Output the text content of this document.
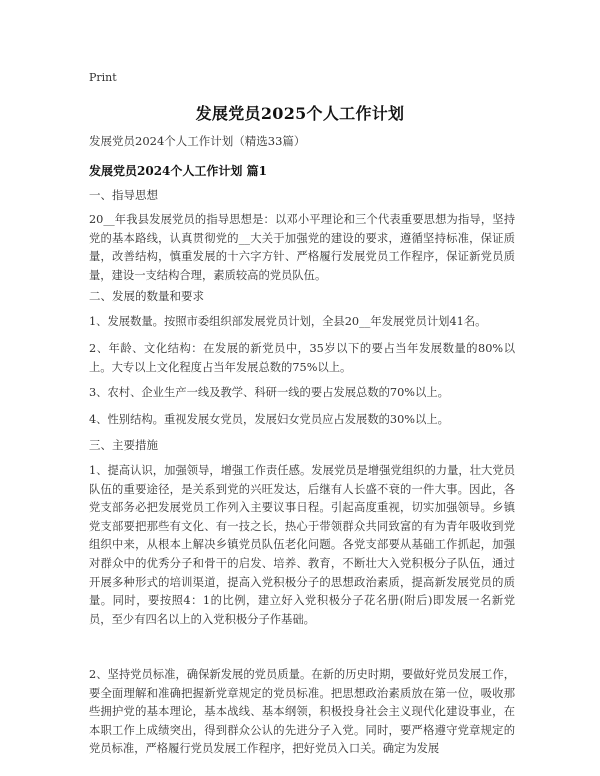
Print
发展党员2025个人工作计划
发展党员2024个人工作计划（精选33篇）
发展党员2024个人工作计划 篇1
一、指导思想

20__年我县发展党员的指导思想是：以邓小平理论和三个代表重要思想为指导，坚持党的基本路线，认真贯彻党的__大关于加强党的建设的要求，遵循坚持标准，保证质量，改善结构，慎重发展的十六字方针、严格履行发展党员工作程序，保证新党员质量，建设一支结构合理，素质较高的党员队伍。

二、发展的数量和要求

1、发展数量。按照市委组织部发展党员计划，全县20__年发展党员计划41名。

2、年龄、文化结构：在发展的新党员中，35岁以下的要占当年发展数量的80%以上。大专以上文化程度占当年发展总数的75%以上。

3、农村、企业生产一线及教学、科研一线的要占发展总数的70%以上。

4、性别结构。重视发展女党员，发展妇女党员应占发展数的30%以上。

三、主要措施

1、提高认识，加强领导，增强工作责任感。发展党员是增强党组织的力量，壮大党员队伍的重要途径，是关系到党的兴旺发达，后继有人长盛不衰的一件大事。因此，各党支部务必把发展党员工作列入主要议事日程。引起高度重视，切实加强领导。乡镇党支部要把那些有文化、有一技之长，热心于带领群众共同致富的有为青年吸收到党组织中来，从根本上解决乡镇党员队伍老化问题。各党支部要从基础工作抓起，加强对群众中的优秀分子和骨干的启发、培养、教育，不断壮大入党积极分子队伍，通过开展多种形式的培训渠道，提高入党积极分子的思想政治素质，提高新发展党员的质量。同时，要按照4：1的比例，建立好入党积极分子花名册(附后)即发展一名新党员，至少有四名以上的入党积极分子作基础。

2、坚持党员标准，确保新发展的党员质量。在新的历史时期，要做好党员发展工作，要全面理解和准确把握新党章规定的党员标准。把思想政治素质放在第一位，吸收那些拥护党的基本理论，基本战线、基本纲领，积极投身社会主义现代化建设事业，在本职工作上成绩突出，得到群众公认的先进分子入党。同时，要严格遵守党章规定的党员标准，严格履行党员发展工作程序，把好党员入口关。确定为发展
